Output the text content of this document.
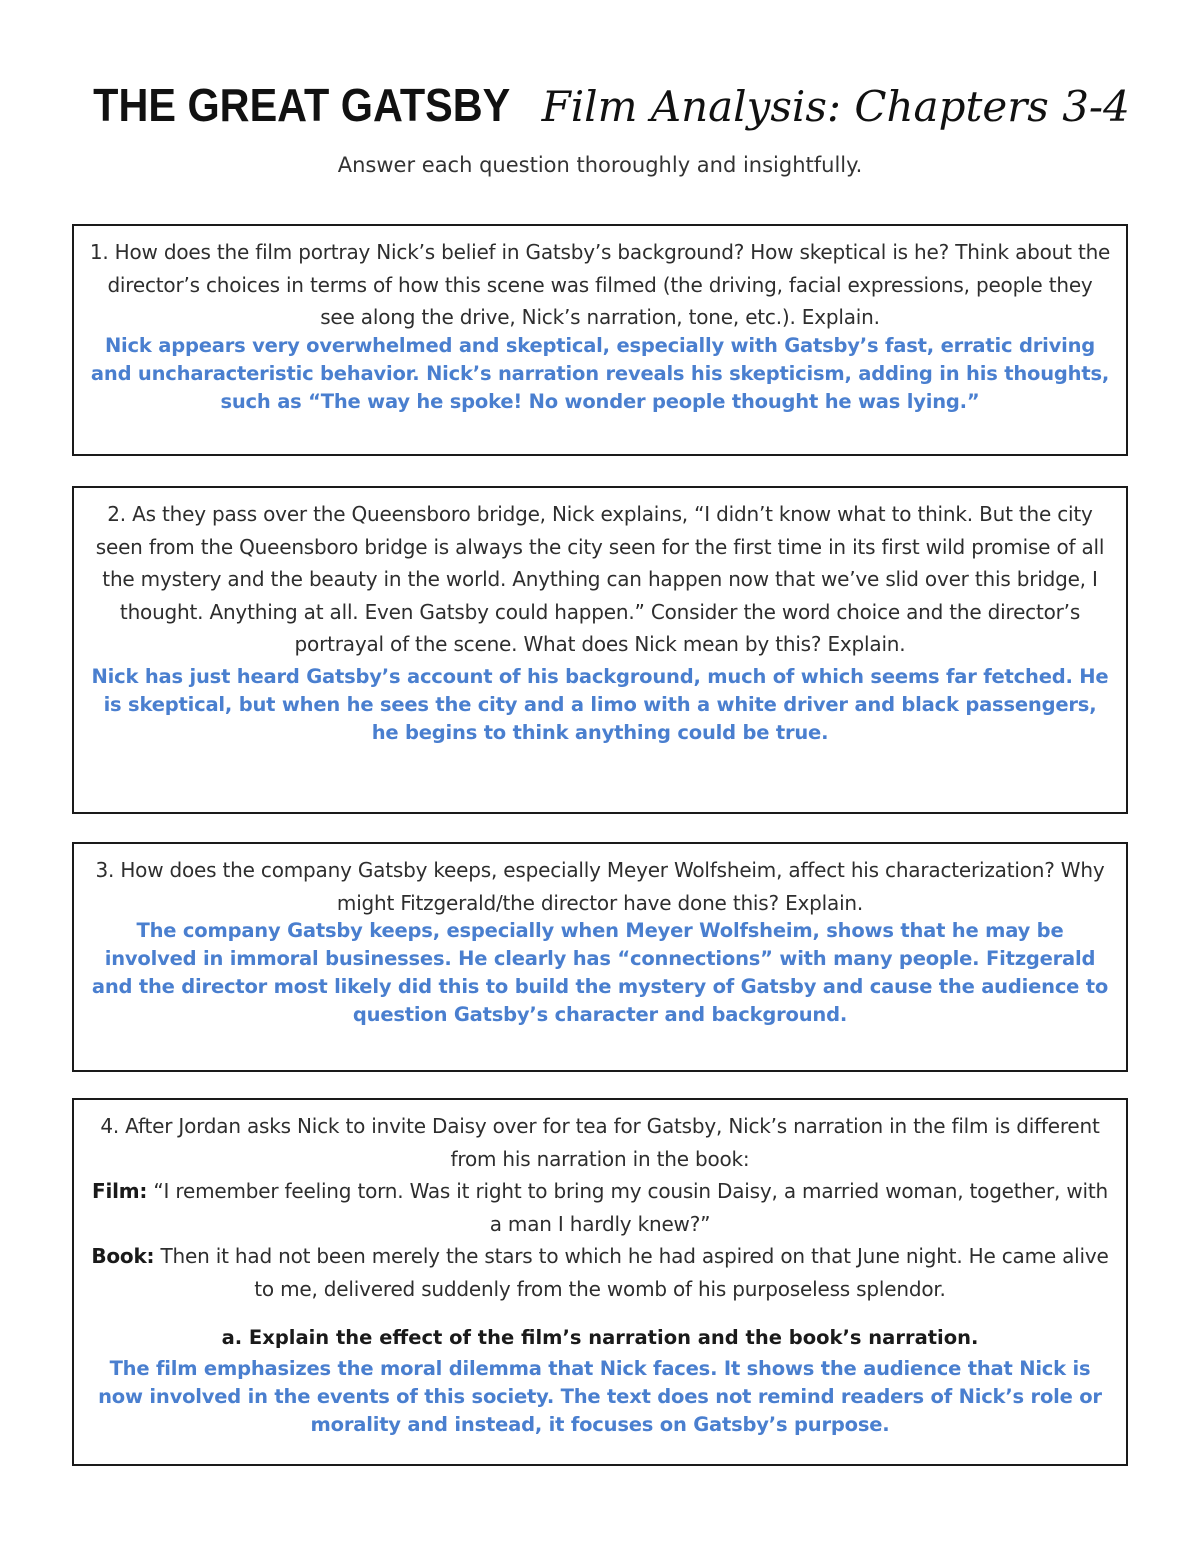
THE GREAT GATSBY Film Analysis: Chapters 3-4
Answer each question thoroughly and insightfully.

1. How does the film portray Nick’s belief in Gatsby’s background? How skeptical is he? Think about the director’s choices in terms of how this scene was filmed (the driving, facial expressions, people they see along the drive, Nick’s narration, tone, etc.). Explain.

Nick appears very overwhelmed and skeptical, especially with Gatsby’s fast, erratic driving and uncharacteristic behavior. Nick’s narration reveals his skepticism, adding in his thoughts, such as “The way he spoke! No wonder people thought he was lying.”

2. As they pass over the Queensboro bridge, Nick explains, “I didn’t know what to think. But the city seen from the Queensboro bridge is always the city seen for the first time in its first wild promise of all the mystery and the beauty in the world. Anything can happen now that we’ve slid over this bridge, I thought. Anything at all. Even Gatsby could happen.” Consider the word choice and the director’s portrayal of the scene. What does Nick mean by this? Explain.

Nick has just heard Gatsby’s account of his background, much of which seems far fetched. He is skeptical, but when he sees the city and a limo with a white driver and black passengers, he begins to think anything could be true.

3. How does the company Gatsby keeps, especially Meyer Wolfsheim, affect his characterization? Why might Fitzgerald/the director have done this? Explain.

The company Gatsby keeps, especially when Meyer Wolfsheim, shows that he may be involved in immoral businesses. He clearly has “connections” with many people. Fitzgerald and the director most likely did this to build the mystery of Gatsby and cause the audience to question Gatsby’s character and background.

4. After Jordan asks Nick to invite Daisy over for tea for Gatsby, Nick’s narration in the film is different from his narration in the book:

Film: “I remember feeling torn. Was it right to bring my cousin Daisy, a married woman, together, with a man I hardly knew?”

Book: Then it had not been merely the stars to which he had aspired on that June night. He came alive to me, delivered suddenly from the womb of his purposeless splendor.

a. Explain the effect of the film’s narration and the book’s narration.

The film emphasizes the moral dilemma that Nick faces. It shows the audience that Nick is now involved in the events of this society. The text does not remind readers of Nick’s role or morality and instead, it focuses on Gatsby’s purpose.
